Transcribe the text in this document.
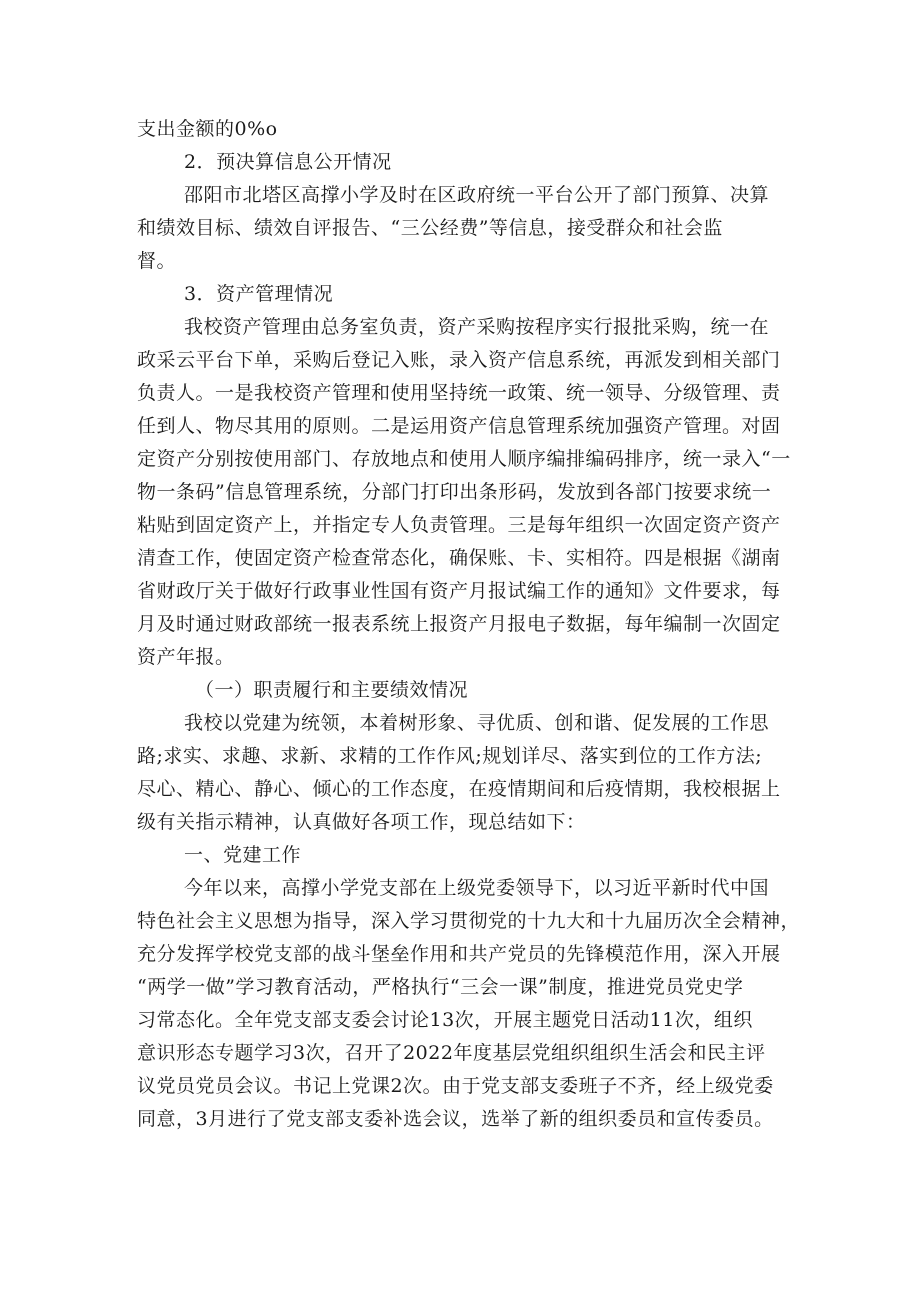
支出金额的0%o
2．预决算信息公开情况
邵阳市北塔区高撑小学及时在区政府统一平台公开了部门预算、决算
和绩效目标、绩效自评报告、“三公经费”等信息，接受群众和社会监
督。
3．资产管理情况
我校资产管理由总务室负责，资产采购按程序实行报批采购，统一在
政采云平台下单，采购后登记入账，录入资产信息系统，再派发到相关部门
负责人。一是我校资产管理和使用坚持统一政策、统一领导、分级管理、责
任到人、物尽其用的原则。二是运用资产信息管理系统加强资产管理。对固
定资产分别按使用部门、存放地点和使用人顺序编排编码排序，统一录入“一
物一条码”信息管理系统，分部门打印出条形码，发放到各部门按要求统一
粘贴到固定资产上，并指定专人负责管理。三是每年组织一次固定资产资产
清查工作，使固定资产检查常态化，确保账、卡、实相符。四是根据《湖南
省财政厅关于做好行政事业性国有资产月报试编工作的通知》文件要求，每
月及时通过财政部统一报表系统上报资产月报电子数据，每年编制一次固定
资产年报。
（一）职责履行和主要绩效情况
我校以党建为统领，本着树形象、寻优质、创和谐、促发展的工作思
路;求实、求趣、求新、求精的工作作风;规划详尽、落实到位的工作方法;
尽心、精心、静心、倾心的工作态度，在疫情期间和后疫情期，我校根据上
级有关指示精神，认真做好各项工作，现总结如下：
一、党建工作
今年以来，高撑小学党支部在上级党委领导下，以习近平新时代中国
特色社会主义思想为指导，深入学习贯彻党的十九大和十九届历次全会精神，
充分发挥学校党支部的战斗堡垒作用和共产党员的先锋模范作用，深入开展
“两学一做”学习教育活动，严格执行“三会一课”制度，推进党员党史学
习常态化。全年党支部支委会讨论13次，开展主题党日活动11次，组织
意识形态专题学习3次，召开了2022年度基层党组织组织生活会和民主评
议党员党员会议。书记上党课2次。由于党支部支委班子不齐，经上级党委
同意，3月进行了党支部支委补选会议，选举了新的组织委员和宣传委员。
